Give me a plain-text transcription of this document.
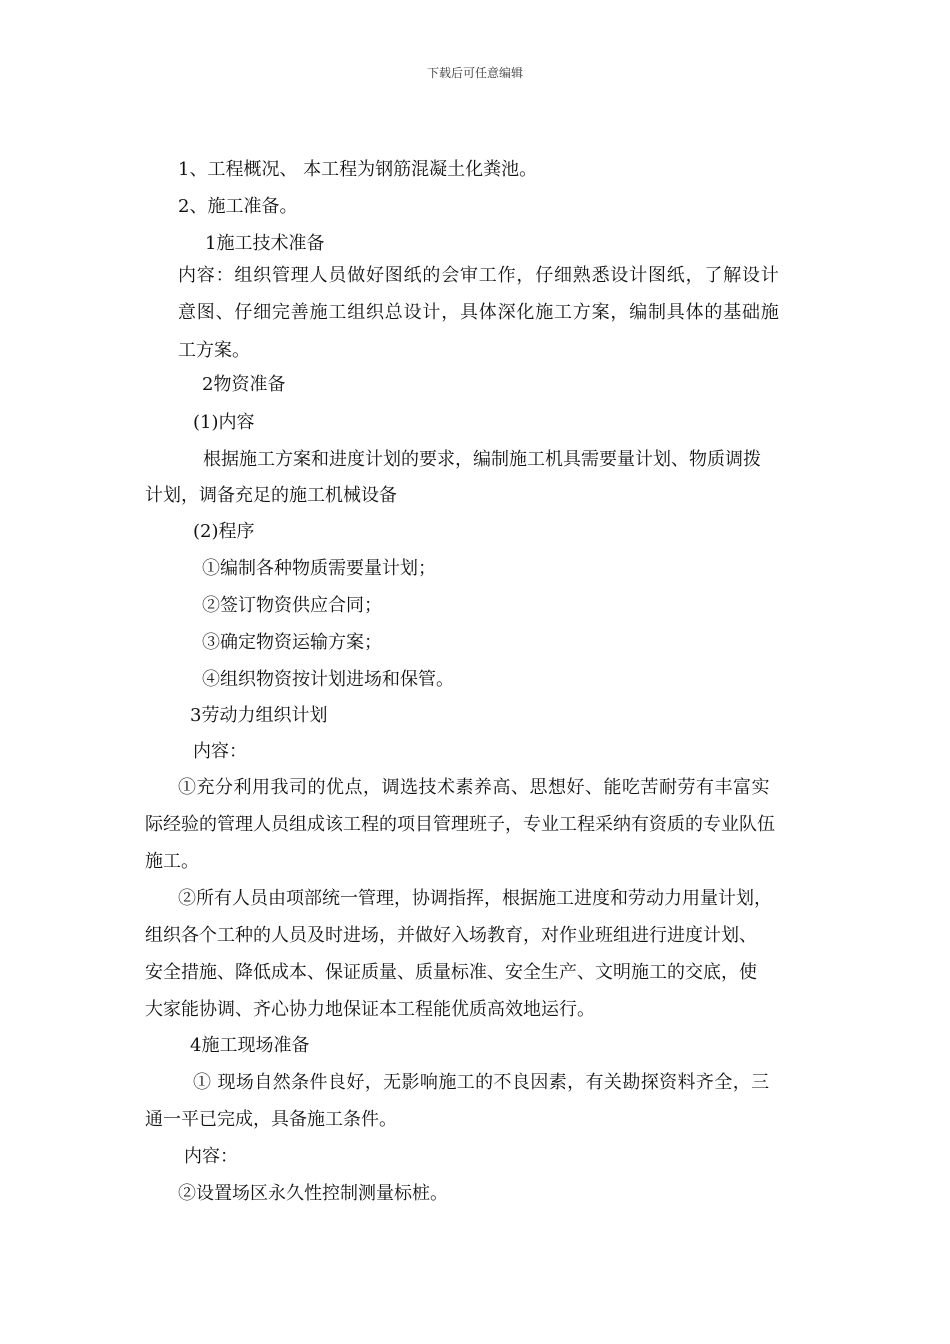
下载后可任意编辑
1、工程概况、 本工程为钢筋混凝土化粪池。
2、施工准备。
1施工技术准备
内容：组织管理人员做好图纸的会审工作，仔细熟悉设计图纸，了解设计
意图、仔细完善施工组织总设计，具体深化施工方案，编制具体的基础施
工方案。
2物资准备
(1)内容
根据施工方案和进度计划的要求，编制施工机具需要量计划、物质调拨
计划，调备充足的施工机械设备
(2)程序
①编制各种物质需要量计划；
②签订物资供应合同；
③确定物资运输方案；
④组织物资按计划进场和保管。
3劳动力组织计划
内容：
①充分利用我司的优点，调选技术素养高、思想好、能吃苦耐劳有丰富实
际经验的管理人员组成该工程的项目管理班子，专业工程采纳有资质的专业队伍
施工。
②所有人员由项部统一管理，协调指挥，根据施工进度和劳动力用量计划，
组织各个工种的人员及时进场，并做好入场教育，对作业班组进行进度计划、
安全措施、降低成本、保证质量、质量标准、安全生产、文明施工的交底，使
大家能协调、齐心协力地保证本工程能优质高效地运行。
4施工现场准备
① 现场自然条件良好，无影响施工的不良因素，有关勘探资料齐全，三
通一平已完成，具备施工条件。
内容：
②设置场区永久性控制测量标桩。
